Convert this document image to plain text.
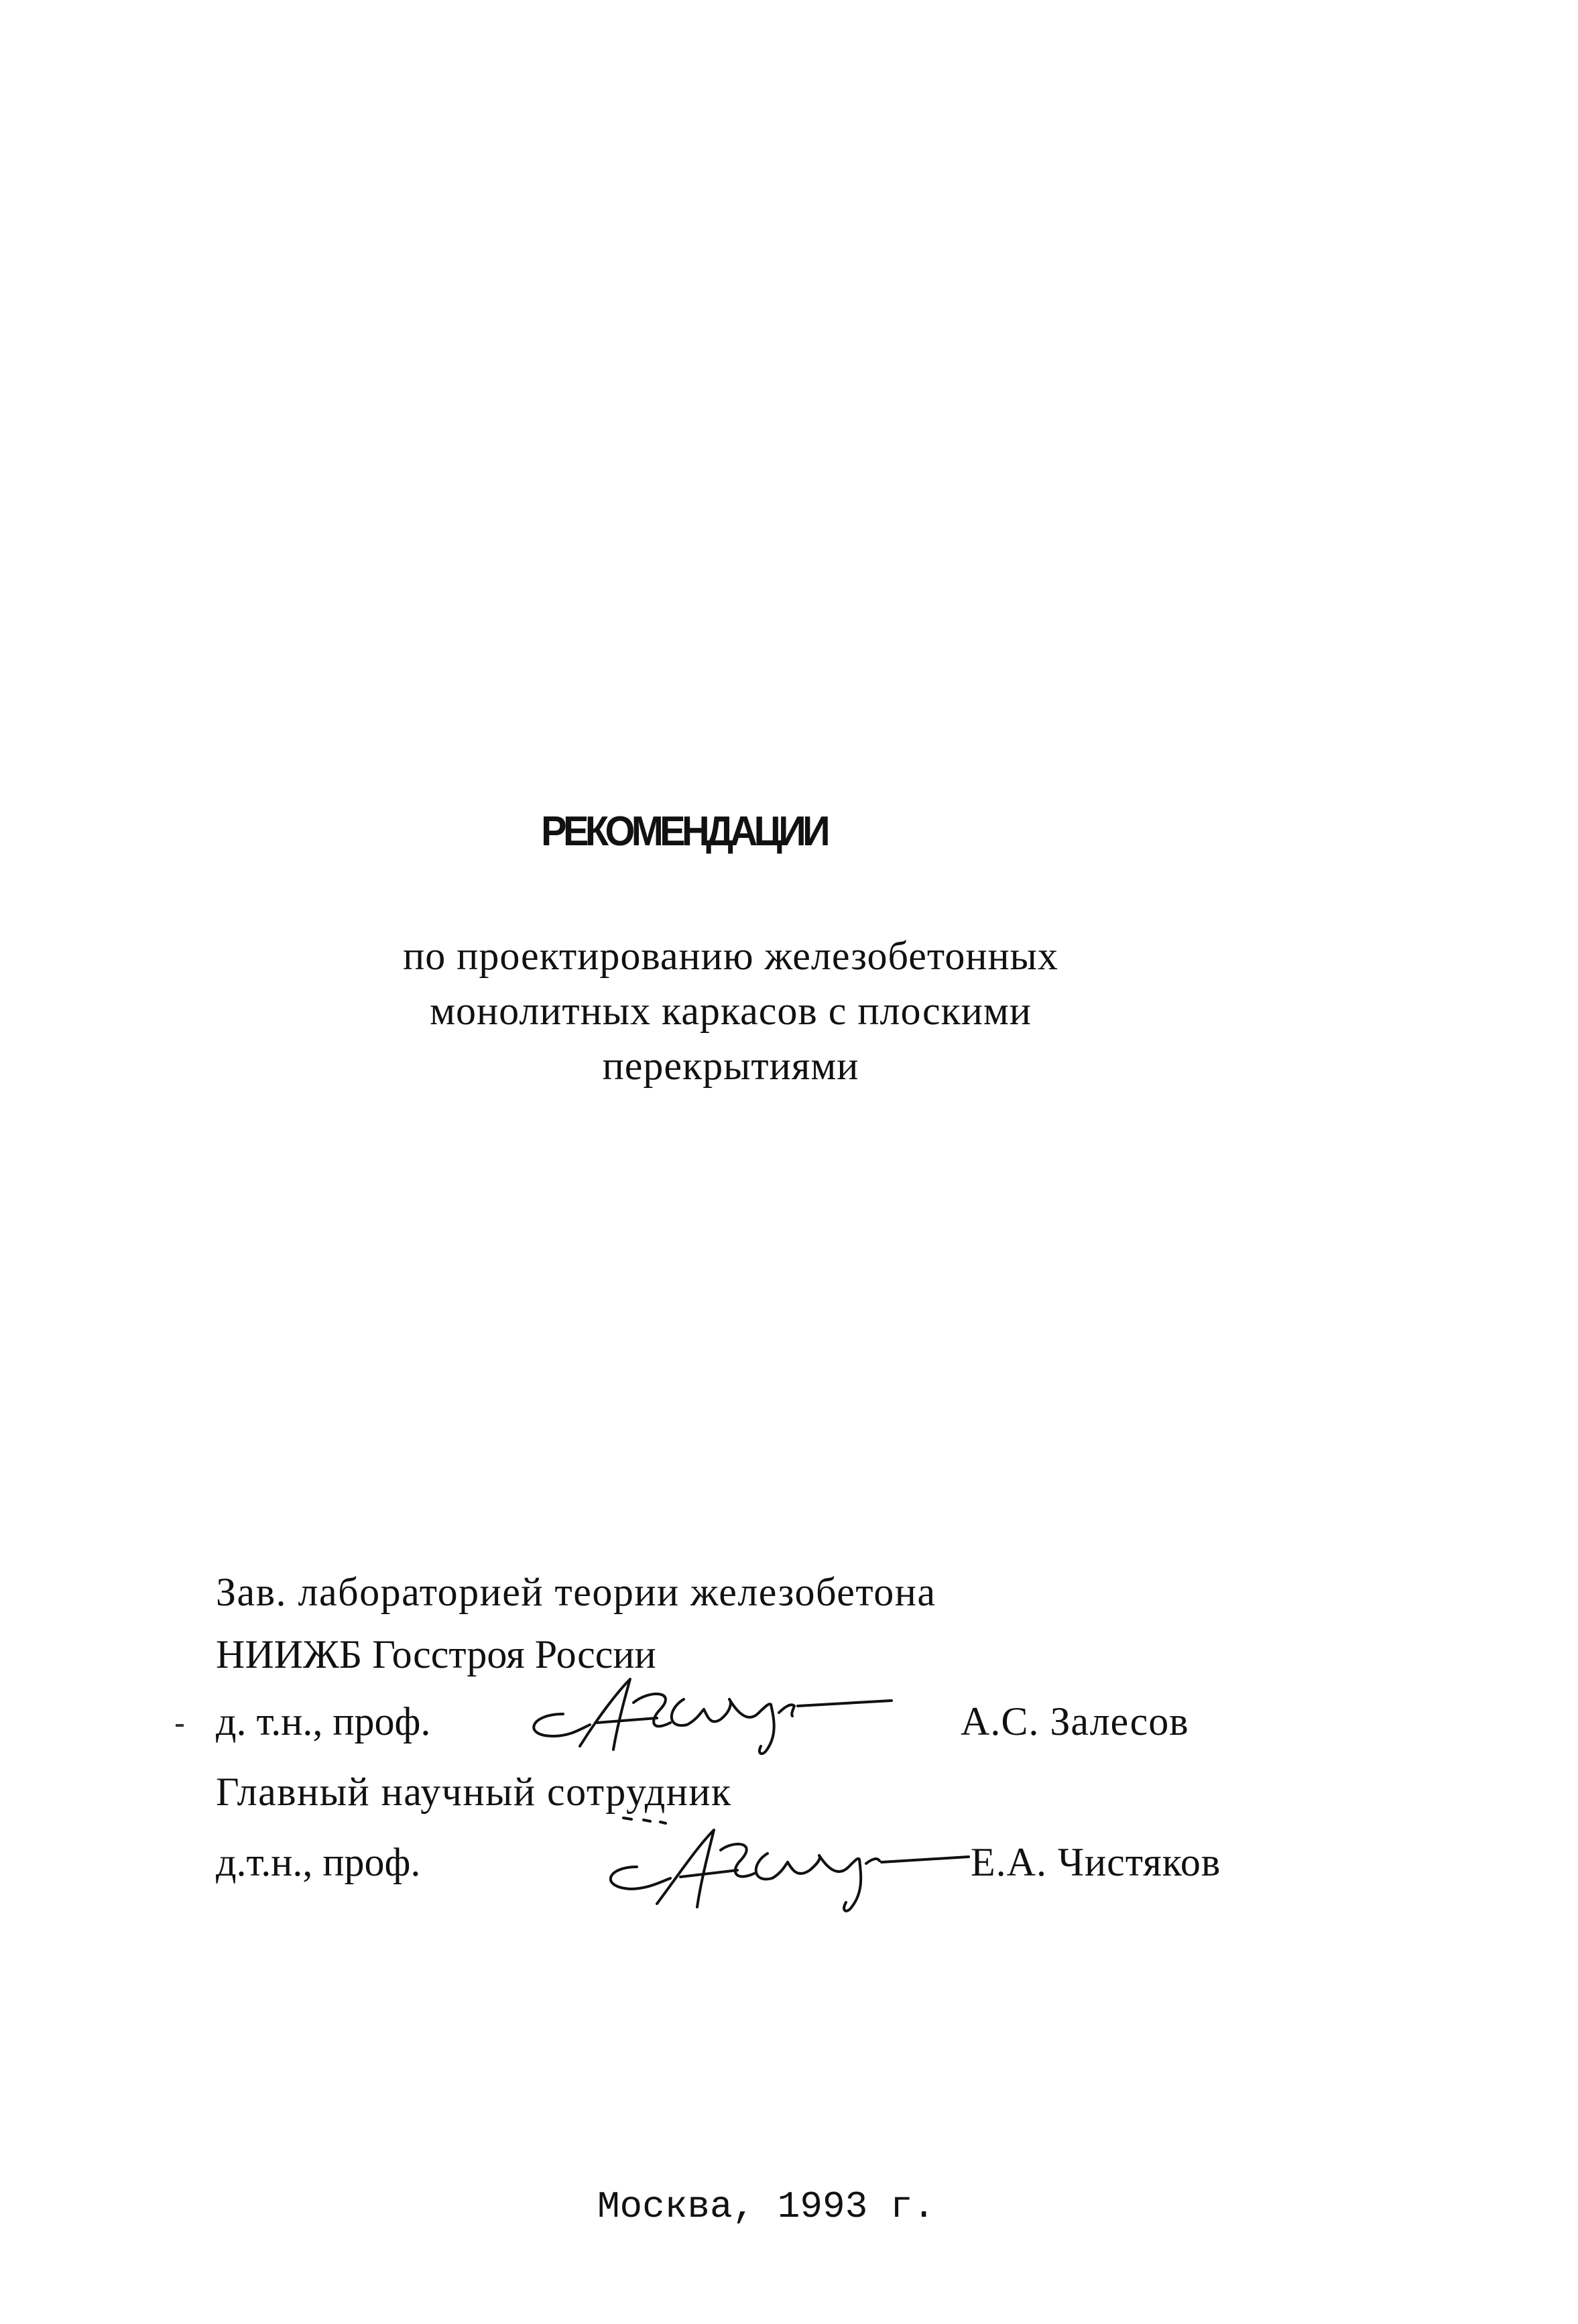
РЕКОМЕНДАЦИИ
по проектированию железобетонных
монолитных каркасов с плоскими
перекрытиями
Зав. лабораторией теории железобетона
НИИЖБ Госстроя России
д. т.н., проф.	А.С. Залесов
Главный научный сотрудник
д.т.н., проф.	Е.А. Чистяков
Москва, 1993 г.
